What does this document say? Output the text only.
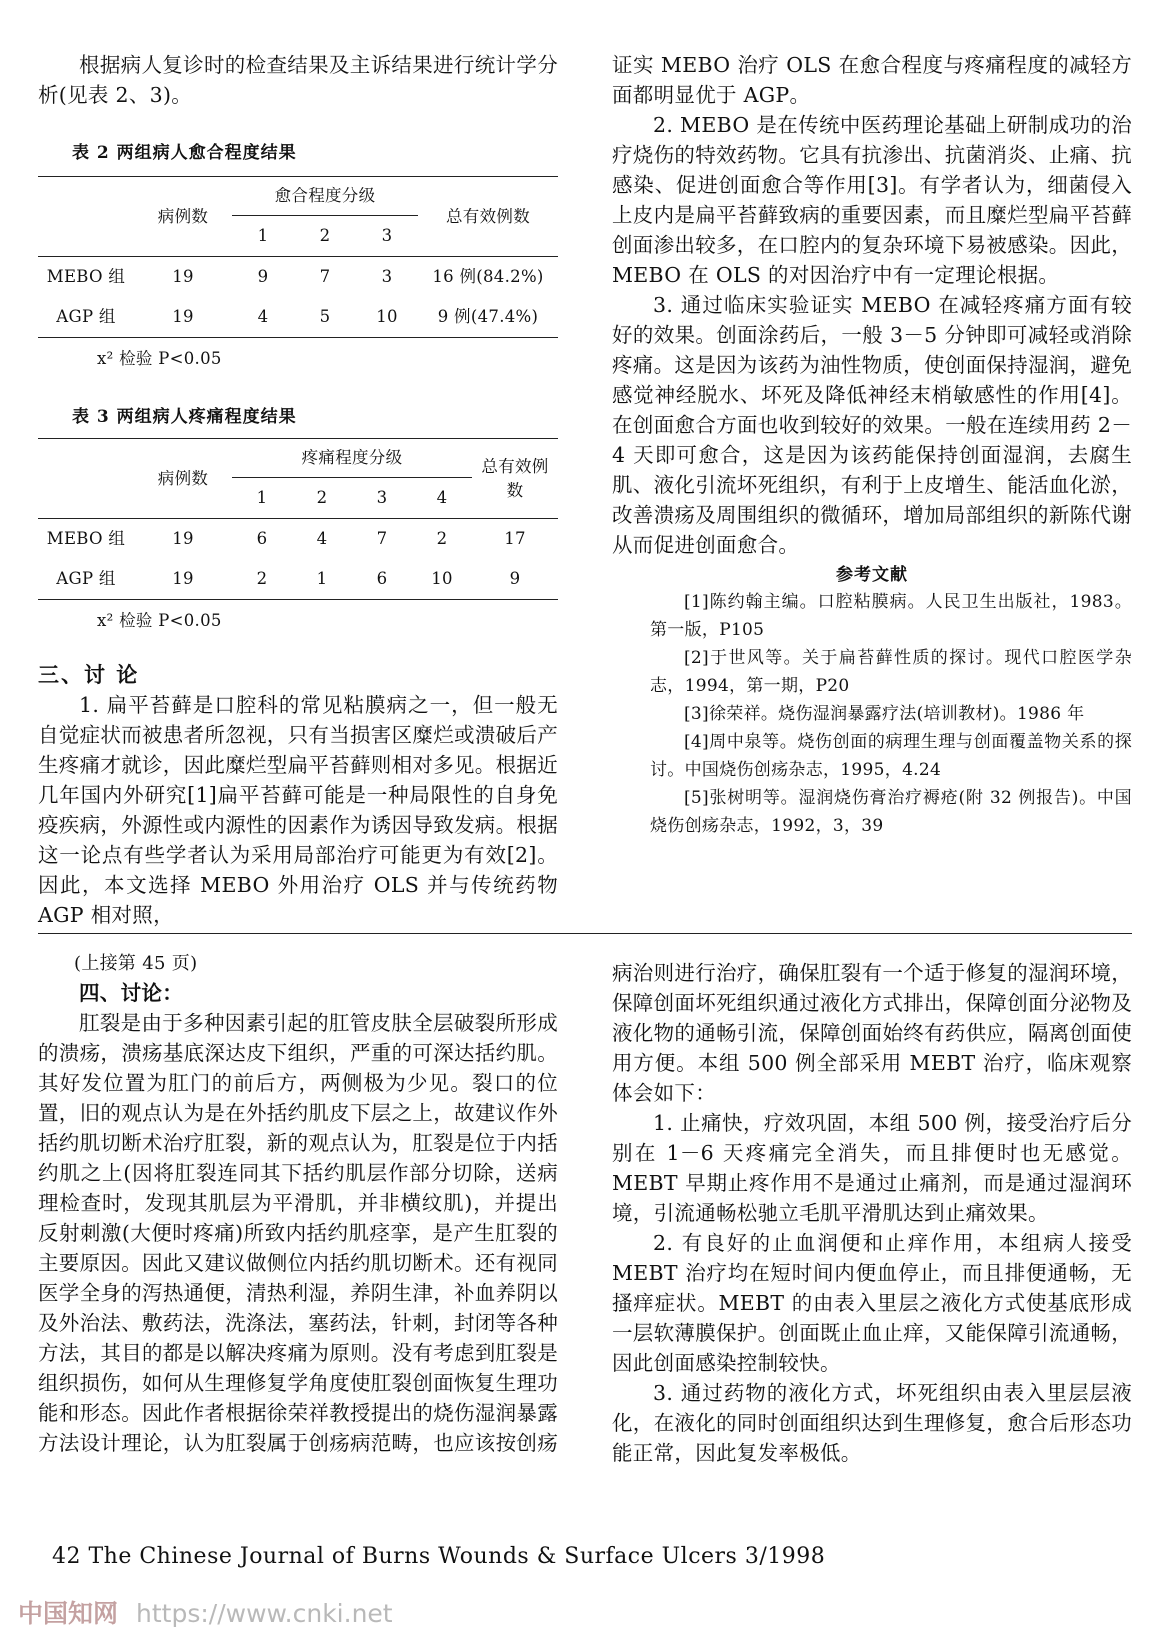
根据病人复诊时的检查结果及主诉结果进行统计学分析(见表 2、3)。

表 2 两组病人愈合程度结果

	病例数	愈合程度分级			总有效例数
		1	2	3	
MEBO 组	19	9	7	3	16 例(84.2%)
AGP 组	19	4	5	10	9 例(47.4%)

x² 检验 P<0.05

表 3 两组病人疼痛程度结果

	病例数	疼痛程度分级				总有效例数
		1	2	3	4	
MEBO 组	19	6	4	7	2	17
AGP 组	19	2	1	6	10	9

x² 检验 P<0.05

三、讨 论

1. 扁平苔藓是口腔科的常见粘膜病之一，但一般无自觉症状而被患者所忽视，只有当损害区糜烂或溃破后产生疼痛才就诊，因此糜烂型扁平苔藓则相对多见。根据近几年国内外研究[1]扁平苔藓可能是一种局限性的自身免疫疾病，外源性或内源性的因素作为诱因导致发病。根据这一论点有些学者认为采用局部治疗可能更为有效[2]。因此，本文选择 MEBO 外用治疗 OLS 并与传统药物 AGP 相对照，

证实 MEBO 治疗 OLS 在愈合程度与疼痛程度的减轻方面都明显优于 AGP。

2. MEBO 是在传统中医药理论基础上研制成功的治疗烧伤的特效药物。它具有抗渗出、抗菌消炎、止痛、抗感染、促进创面愈合等作用[3]。有学者认为，细菌侵入上皮内是扁平苔藓致病的重要因素，而且糜烂型扁平苔藓创面渗出较多，在口腔内的复杂环境下易被感染。因此，MEBO 在 OLS 的对因治疗中有一定理论根据。

3. 通过临床实验证实 MEBO 在减轻疼痛方面有较好的效果。创面涂药后，一般 3－5 分钟即可减轻或消除疼痛。这是因为该药为油性物质，使创面保持湿润，避免感觉神经脱水、坏死及降低神经末梢敏感性的作用[4]。在创面愈合方面也收到较好的效果。一般在连续用药 2－4 天即可愈合，这是因为该药能保持创面湿润，去腐生肌、液化引流坏死组织，有利于上皮增生、能活血化淤，改善溃疡及周围组织的微循环，增加局部组织的新陈代谢从而促进创面愈合。

参考文献

[1]陈约翰主编。口腔粘膜病。人民卫生出版社，1983。第一版，P105

[2]于世风等。关于扁苔藓性质的探讨。现代口腔医学杂志，1994，第一期，P20

[3]徐荣祥。烧伤湿润暴露疗法(培训教材)。1986 年

[4]周中泉等。烧伤创面的病理生理与创面覆盖物关系的探讨。中国烧伤创疡杂志，1995，4.24

[5]张树明等。湿润烧伤膏治疗褥疮(附 32 例报告)。中国烧伤创疡杂志，1992，3，39

(上接第 45 页)

四、讨论：

肛裂是由于多种因素引起的肛管皮肤全层破裂所形成的溃疡，溃疡基底深达皮下组织，严重的可深达括约肌。其好发位置为肛门的前后方，两侧极为少见。裂口的位置，旧的观点认为是在外括约肌皮下层之上，故建议作外括约肌切断术治疗肛裂，新的观点认为，肛裂是位于内括约肌之上(因将肛裂连同其下括约肌层作部分切除，送病理检查时，发现其肌层为平滑肌，并非横纹肌)，并提出反射刺激(大便时疼痛)所致内括约肌痉挛，是产生肛裂的主要原因。因此又建议做侧位内括约肌切断术。还有视同医学全身的泻热通便，清热利湿，养阴生津，补血养阴以及外治法、敷药法，洗涤法，塞药法，针刺，封闭等各种方法，其目的都是以解决疼痛为原则。没有考虑到肛裂是组织损伤，如何从生理修复学角度使肛裂创面恢复生理功能和形态。因此作者根据徐荣祥教授提出的烧伤湿润暴露方法设计理论，认为肛裂属于创疡病范畴，也应该按创疡

病治则进行治疗，确保肛裂有一个适于修复的湿润环境，保障创面坏死组织通过液化方式排出，保障创面分泌物及液化物的通畅引流，保障创面始终有药供应，隔离创面使用方便。本组 500 例全部采用 MEBT 治疗，临床观察体会如下：

1. 止痛快，疗效巩固，本组 500 例，接受治疗后分别在 1－6 天疼痛完全消失，而且排便时也无感觉。MEBT 早期止疼作用不是通过止痛剂，而是通过湿润环境，引流通畅松驰立毛肌平滑肌达到止痛效果。

2. 有良好的止血润便和止痒作用，本组病人接受 MEBT 治疗均在短时间内便血停止，而且排便通畅，无搔痒症状。MEBT 的由表入里层之液化方式使基底形成一层软薄膜保护。创面既止血止痒，又能保障引流通畅，因此创面感染控制较快。

3. 通过药物的液化方式，坏死组织由表入里层层液化，在液化的同时创面组织达到生理修复，愈合后形态功能正常，因此复发率极低。

42 The Chinese Journal of Burns Wounds & Surface Ulcers 3/1998
中国知网 https://www.cnki.net
